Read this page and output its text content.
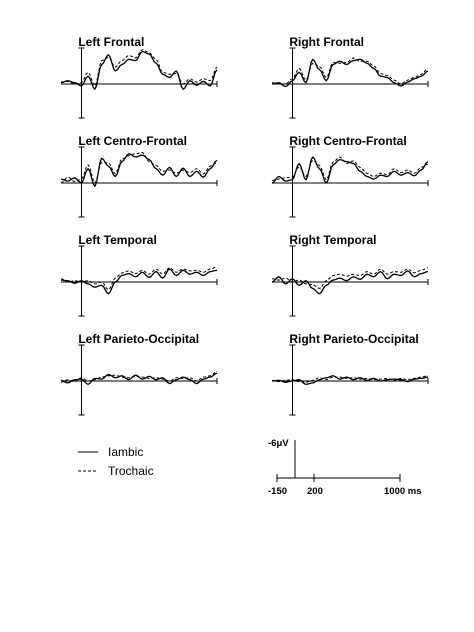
Left Frontal	Right Frontal
Left Centro-Frontal	Right Centro-Frontal
Left Temporal	Right Temporal
Left Parieto-Occipital	Right Parieto-Occipital
Iambic
Trochaic
-6μV
-150 200	1000 ms
